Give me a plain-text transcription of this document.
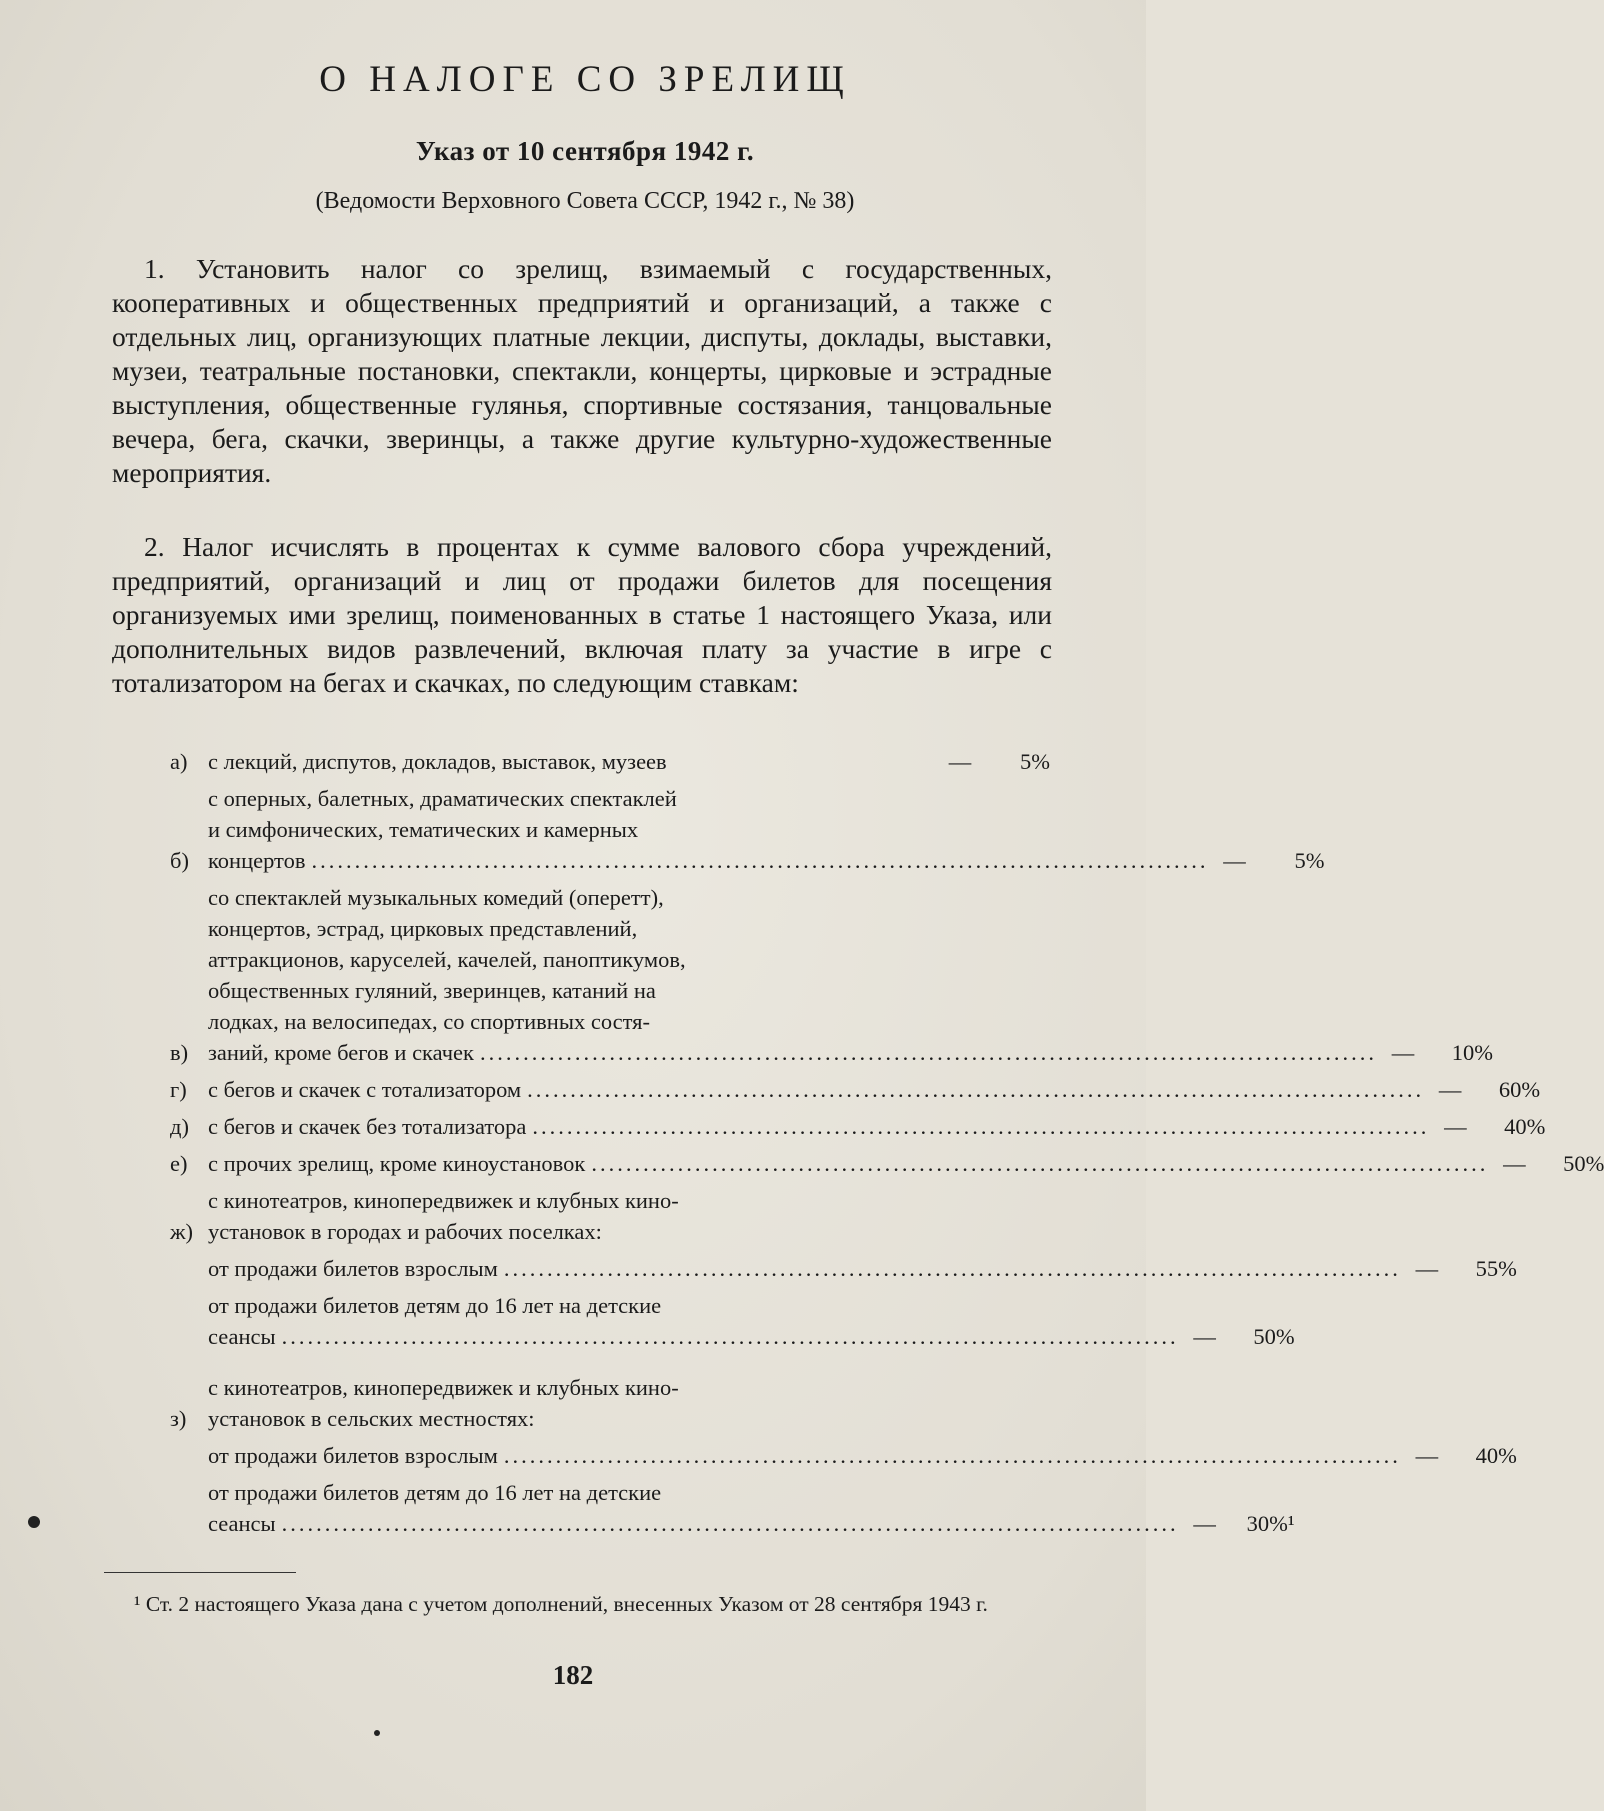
О НАЛОГЕ СО ЗРЕЛИЩ
Указ от 10 сентября 1942 г.
(Ведомости Верховного Совета СССР, 1942 г., № 38)

1. Установить налог со зрелищ, взимаемый с государственных, кооперативных и общественных предприятий и организаций, а также с отдельных лиц, организующих платные лекции, диспуты, доклады, выставки, музеи, театральные постановки, спектакли, концерты, цирковые и эстрадные выступления, общественные гулянья, спортивные состязания, танцовальные вечера, бега, скачки, зверинцы, а также другие культурно-художественные мероприятия.

2. Налог исчислять в процентах к сумме валового сбора учреждений, предприятий, организаций и лиц от продажи билетов для посещения организуемых ими зрелищ, поименованных в статье 1 настоящего Указа, или дополнительных видов развлечений, включая плату за участие в игре с тотализатором на бегах и скачках, по следующим ставкам:

а) с лекций, диспутов, докладов, выставок, музеев	—	5%
б)
с оперных, балетных, драматических спектаклей
и симфонических, тематических и камерных
концертов ........................................................................................................ —	5%
в)
со спектаклей музыкальных комедий (оперетт),
концертов, эстрад, цирковых представлений,
аттракционов, каруселей, качелей, паноптикумов,
общественных гуляний, зверинцев, катаний на
лодках, на велосипедах, со спортивных состя-
заний, кроме бегов и скачек ........................................................................................................ —	10%
г) с бегов и скачек с тотализатором ........................................................................................................ —	60%
д) с бегов и скачек без тотализатора ........................................................................................................ —	40%
е) с прочих зрелищ, кроме киноустановок ........................................................................................................ —	50%
ж)
с кинотеатров, кинопередвижек и клубных кино-
установок в городах и рабочих поселках:
от продажи билетов взрослым ........................................................................................................ —	55%
от продажи билетов детям до 16 лет на детские
сеансы ........................................................................................................ —	50%
з)
с кинотеатров, кинопередвижек и клубных кино-
установок в сельских местностях:
от продажи билетов взрослым ........................................................................................................ —	40%
от продажи билетов детям до 16 лет на детские
сеансы ........................................................................................................ —	30%¹
¹ Ст. 2 настоящего Указа дана с учетом дополнений, внесенных Указом от 28 сентября 1943 г.
182
